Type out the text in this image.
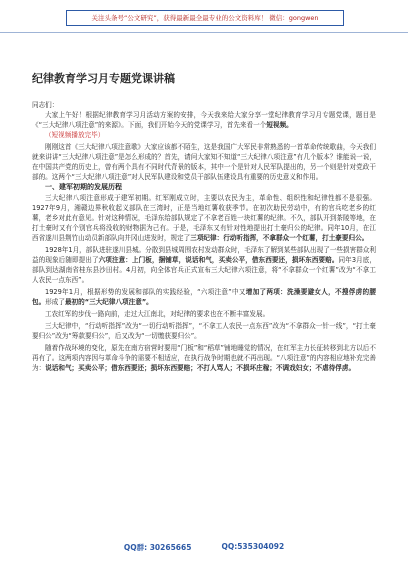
关注头条号“公文研究”，获得最新最全最专业的公文资料库！ 微信：gongwen
纪律教育学习月专题党课讲稿

同志们：

大家上午好！根据纪律教育学习月活动方案的安排，今天我来给大家分享一堂纪律教育学习月专题党课，题目是《“三大纪律八项注意”的来源》。下面，我们开始今天的党课学习，首先来看一个短视频。

（短视频播放完毕）

刚刚这首《三大纪律八项注意歌》大家应该都不陌生，这是我国广大军民非常熟悉的一首革命传统歌曲，今天我们就来讲讲“三大纪律八项注意”是怎么形成的？首先，请问大家知不知道“三大纪律八项注意”有几个版本？谁能说一说，在中国共产党的历史上，曾有两个具有不同时代背景的版本，其中一个是针对人民军队提出的，另一个则是针对党政干部的。这两个“三大纪律八项注意”对人民军队建设和党员干部队伍建设具有重要的历史意义和作用。

一、建军初期的发展历程

三大纪律八项注意形成于建军初期。红军刚成立时，主要以农民为主，革命性、组织性和纪律性都不是很强。1927年9月，湘赣边界秋收起义部队在三湾时，正是当地红薯收获季节。在初次助民劳动中，有的官兵吃老乡的红薯，老乡对此有意见。针对这种情况，毛泽东给部队规定了不拿老百姓一块红薯的纪律。不久，部队开到茶陵等地，在打土豪时又有个别官兵将没收的财物据为己有。于是，毛泽东又有针对性地提出打土豪归公的纪律。同年10月，在江西省遂川县荆竹山动员新部队向井冈山进发时，规定了三项纪律：行动听指挥，不拿群众一个红薯，打土豪要归公。

1928年1月，部队进驻遂川县城。分散到县城周围农村发动群众时，毛泽东了解到某些部队出现了一些损害群众利益的现象后随即提出了六项注意：上门板，捆铺草，说话和气，买卖公平，借东西要还，损坏东西要赔。同年3月底，部队到达湖南省桂东县沙田村。4月初，向全体官兵正式宣布三大纪律六项注意，将“不拿群众一个红薯”改为“不拿工人农民一点东西”。

1929年1月，根据形势的发展和部队的实践经验，“六项注意”中又增加了两项：洗澡要避女人，不搜俘虏的腰包。形成了最初的“三大纪律八项注意”。

工农红军的步伐一路向前，走过大江南北，对纪律的要求也在不断丰富发展。

三大纪律中，“行动听指挥”改为“一切行动听指挥”，“不拿工人农民一点东西”改为“不拿群众一针一线”，“打土豪要归公”改为“筹款要归公”，后又改为“一切缴获要归公”。

随着作战环境的变化，原先在南方宿营时要用“门板”和“稻草”铺地睡觉的情况，在红军主力长征转移到北方以后不再有了。这两项内容因与革命斗争的需要不相适应，在执行战争时期也就不再出现。“八项注意”的内容相应地补充完善为：说话和气；买卖公平；借东西要还；损坏东西要赔；不打人骂人；不损坏庄稼；不调戏妇女；不虐待俘虏。

QQ群: 30265665	QQ:535304092
